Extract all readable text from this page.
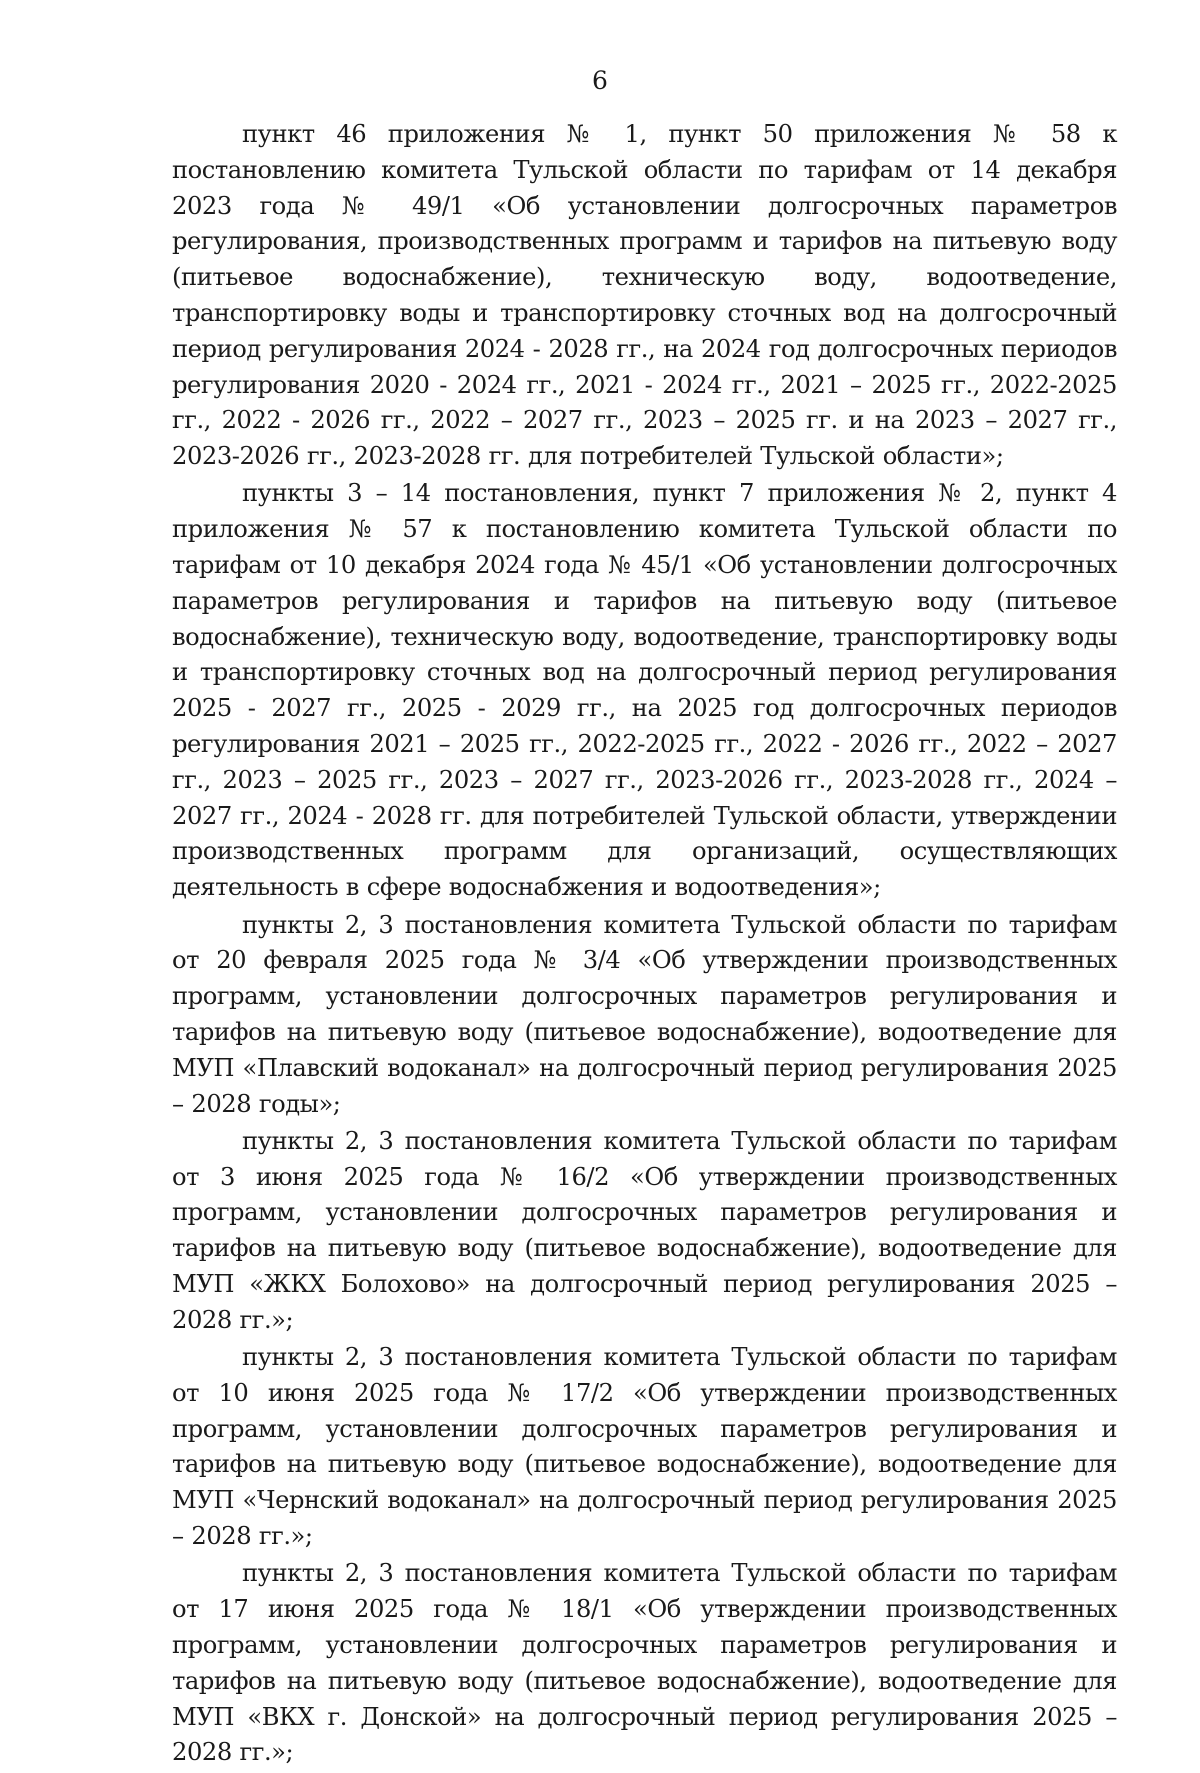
6

пункт 46 приложения № 1, пункт 50 приложения № 58 к постановлению комитета Тульской области по тарифам от 14 декабря 2023 года № 49/1 «Об установлении долгосрочных параметров регулирования, производственных программ и тарифов на питьевую воду (питьевое водоснабжение), техническую воду, водоотведение, транспортировку воды и транспортировку сточных вод на долгосрочный период регулирования 2024 - 2028 гг., на 2024 год долгосрочных периодов регулирования 2020 - 2024 гг., 2021 - 2024 гг., 2021 – 2025 гг., 2022-2025 гг., 2022 - 2026 гг., 2022 – 2027 гг., 2023 – 2025 гг. и на 2023 – 2027 гг., 2023-2026 гг., 2023-2028 гг. для потребителей Тульской области»;

пункты 3 – 14 постановления, пункт 7 приложения № 2, пункт 4 приложения № 57 к постановлению комитета Тульской области по тарифам от 10 декабря 2024 года № 45/1 «Об установлении долгосрочных параметров регулирования и тарифов на питьевую воду (питьевое водоснабжение), техническую воду, водоотведение, транспортировку воды и транспортировку сточных вод на долгосрочный период регулирования 2025 - 2027 гг., 2025 - 2029 гг., на 2025 год долгосрочных периодов регулирования 2021 – 2025 гг., 2022-2025 гг., 2022 - 2026 гг., 2022 – 2027 гг., 2023 – 2025 гг., 2023 – 2027 гг., 2023-2026 гг., 2023-2028 гг., 2024 – 2027 гг., 2024 - 2028 гг. для потребителей Тульской области, утверждении производственных программ для организаций, осуществляющих деятельность в сфере водоснабжения и водоотведения»;

пункты 2, 3 постановления комитета Тульской области по тарифам от 20 февраля 2025 года № 3/4 «Об утверждении производственных программ, установлении долгосрочных параметров регулирования и тарифов на питьевую воду (питьевое водоснабжение), водоотведение для МУП «Плавский водоканал» на долгосрочный период регулирования 2025 – 2028 годы»;

пункты 2, 3 постановления комитета Тульской области по тарифам от 3 июня 2025 года № 16/2 «Об утверждении производственных программ, установлении долгосрочных параметров регулирования и тарифов на питьевую воду (питьевое водоснабжение), водоотведение для МУП «ЖКХ Болохово» на долгосрочный период регулирования 2025 – 2028 гг.»;

пункты 2, 3 постановления комитета Тульской области по тарифам от 10 июня 2025 года № 17/2 «Об утверждении производственных программ, установлении долгосрочных параметров регулирования и тарифов на питьевую воду (питьевое водоснабжение), водоотведение для МУП «Чернский водоканал» на долгосрочный период регулирования 2025 – 2028 гг.»;

пункты 2, 3 постановления комитета Тульской области по тарифам от 17 июня 2025 года № 18/1 «Об утверждении производственных программ, установлении долгосрочных параметров регулирования и тарифов на питьевую воду (питьевое водоснабжение), водоотведение для МУП «ВКХ г. Донской» на долгосрочный период регулирования 2025 – 2028 гг.»;
